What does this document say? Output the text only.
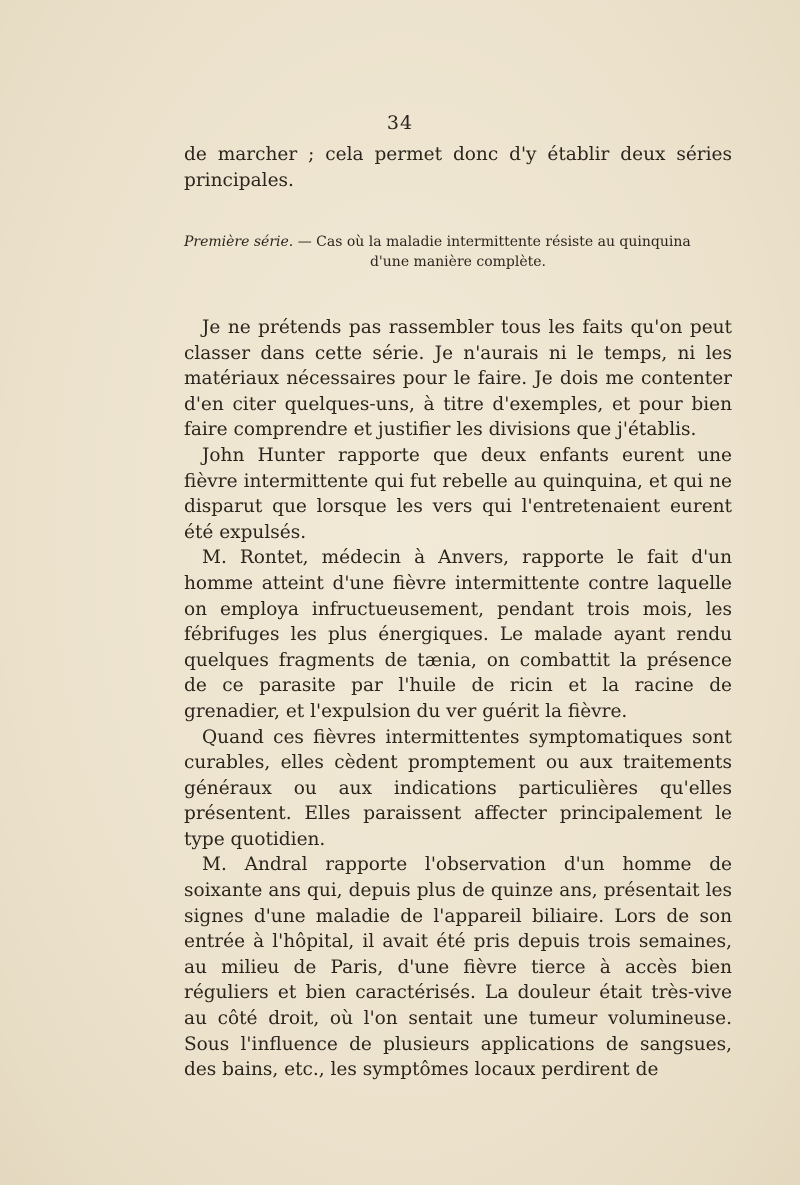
34

de marcher ; cela permet donc d'y établir deux séries principales.

Première série. — Cas où la maladie intermittente résiste au quinquina
d'une manière complète.

Je ne prétends pas rassembler tous les faits qu'on peut classer dans cette série. Je n'aurais ni le temps, ni les matériaux nécessaires pour le faire. Je dois me contenter d'en citer quelques-uns, à titre d'exemples, et pour bien faire comprendre et justifier les divisions que j'établis.

John Hunter rapporte que deux enfants eurent une fièvre intermittente qui fut rebelle au quinquina, et qui ne disparut que lorsque les vers qui l'entretenaient eurent été expulsés.

M. Rontet, médecin à Anvers, rapporte le fait d'un homme atteint d'une fièvre intermittente contre laquelle on employa infructueusement, pendant trois mois, les fébrifuges les plus énergiques. Le malade ayant rendu quelques fragments de tænia, on combattit la présence de ce parasite par l'huile de ricin et la racine de grenadier, et l'expulsion du ver guérit la fièvre.

Quand ces fièvres intermittentes symptomatiques sont curables, elles cèdent promptement ou aux traitements généraux ou aux indications particulières qu'elles présentent. Elles paraissent affecter principalement le type quotidien.

M. Andral rapporte l'observation d'un homme de soixante ans qui, depuis plus de quinze ans, présentait les signes d'une maladie de l'appareil biliaire. Lors de son entrée à l'hôpital, il avait été pris depuis trois semaines, au milieu de Paris, d'une fièvre tierce à accès bien réguliers et bien caractérisés. La douleur était très-vive au côté droit, où l'on sentait une tumeur volumineuse. Sous l'influence de plusieurs applications de sangsues, des bains, etc., les symptômes locaux perdirent de
